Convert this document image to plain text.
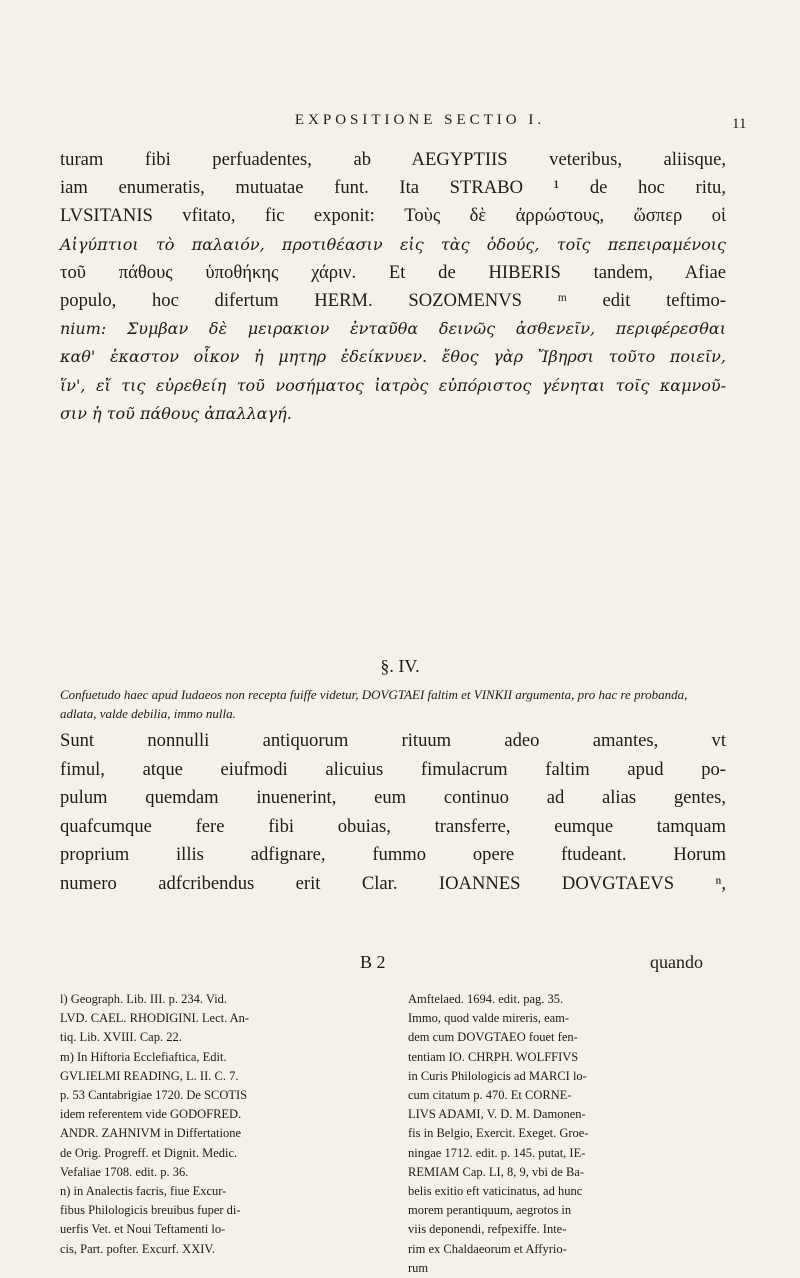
EXPOSITIONE SECTIO I.	11
turam fibi perfuadentes, ab AEGYPTIIS veteribus, aliisque,
iam enumeratis, mutuatae funt. Ita STRABO ¹ de hoc ritu,
LVSITANIS vfitato, fic exponit: Τοὺς δὲ ἀρρώστους, ὥσπερ οἱ
Αἰγύπτιοι τὸ παλαιόν, προτιθέασιν εἰς τὰς ὁδούς, τοῖς πεπειραμένοις
τοῦ πάθους ὑποθήκης χάριν. Et de HIBERIS tandem, Afiae
populo, hoc difertum HERM. SOZOMENVS ᵐ edit teftimo-
nium: Συμβαν δὲ μειρακιον ἐνταῦθα δεινῶς ἀσθενεῖν, περιφέρεσθαι
καθ' ἑκαστον οἶκον ἡ μητηρ ἐδείκνυεν. ἔθος γὰρ Ἴβηρσι τοῦτο ποιεῖν,
ἵν', εἴ τις εὐρεθείη τοῦ νοσήματος ἰατρὸς εὐπόριστος γένηται τοῖς καμνοῦ-
σιν ἡ τοῦ πάθους ἀπαλλαγή.
§. IV.
Confuetudo haec apud Iudaeos non recepta fuiffe videtur, DOVGTAEI faltim et VINKII argumenta, pro hac re probanda, adlata, valde debilia, immo nulla.
Sunt nonnulli antiquorum rituum adeo amantes, vt
fimul, atque eiufmodi alicuius fimulacrum faltim apud po-
pulum quemdam inuenerint, eum continuo ad alias gentes,
quafcumque fere fibi obuias, transferre, eumque tamquam
proprium illis adfignare, fummo opere ftudeant. Horum
numero adfcribendus erit Clar. IOANNES DOVGTAEVS ⁿ,
B 2	quando
l) Geograph. Lib. III. p. 234. Vid.
LVD. CAEL. RHODIGINI. Lect. An-
tiq. Lib. XVIII. Cap. 22.
m) In Hiftoria Ecclefiaftica, Edit.
GVLIELMI READING, L. II. C. 7.
p. 53 Cantabrigiae 1720. De SCOTIS
idem referentem vide GODOFRED.
ANDR. ZAHNIVM in Differtatione
de Orig. Progreff. et Dignit. Medic.
Vefaliae 1708. edit. p. 36.
n) in Analectis facris, fiue Excur-
fibus Philologicis breuibus fuper di-
uerfis Vet. et Noui Teftamenti lo-
cis, Part. pofter. Excurf. XXIV.
Amftelaed. 1694. edit. pag. 35.
Immo, quod valde mireris, eam-
dem cum DOVGTAEO fouet fen-
tentiam IO. CHRPH. WOLFFIVS
in Curis Philologicis ad MARCI lo-
cum citatum p. 470. Et CORNE-
LIVS ADAMI, V. D. M. Damonen-
fis in Belgio, Exercit. Exeget. Groe-
ningae 1712. edit. p. 145. putat, IE-
REMIAM Cap. LI, 8, 9, vbi de Ba-
belis exitio eft vaticinatus, ad hunc
morem perantiquum, aegrotos in
viis deponendi, refpexiffe. Inte-
rim ex Chaldaeorum et Affyrio-
rum
